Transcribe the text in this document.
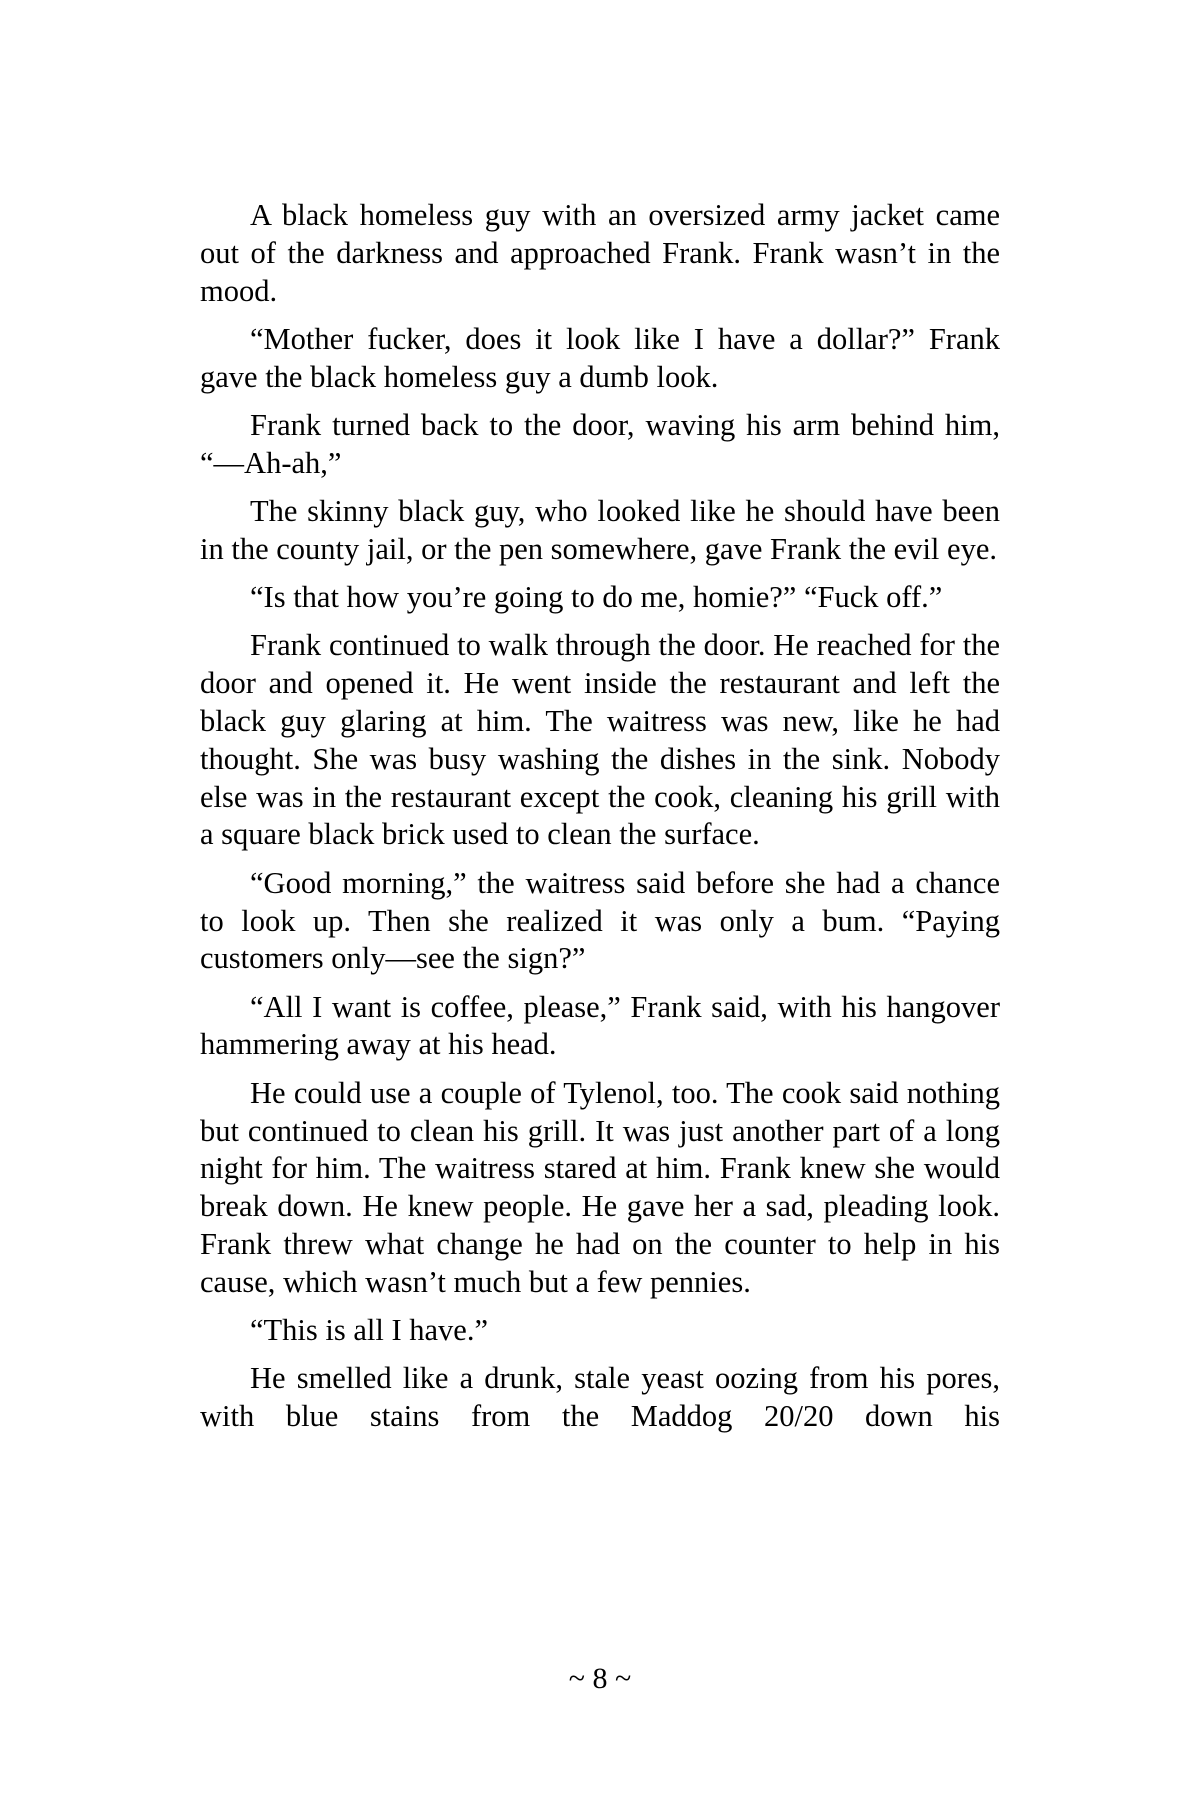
A black homeless guy with an oversized army jacket came out of the darkness and approached Frank. Frank wasn’t in the mood.

“Mother fucker, does it look like I have a dollar?” Frank gave the black homeless guy a dumb look.

Frank turned back to the door, waving his arm behind him, “—Ah-ah,”

The skinny black guy, who looked like he should have been in the county jail, or the pen somewhere, gave Frank the evil eye.

“Is that how you’re going to do me, homie?” “Fuck off.”

Frank continued to walk through the door. He reached for the door and opened it. He went inside the restaurant and left the black guy glaring at him. The waitress was new, like he had thought. She was busy washing the dishes in the sink. Nobody else was in the restaurant except the cook, cleaning his grill with a square black brick used to clean the surface.

“Good morning,” the waitress said before she had a chance to look up. Then she realized it was only a bum. “Paying customers only—see the sign?”

“All I want is coffee, please,” Frank said, with his hangover hammering away at his head.

He could use a couple of Tylenol, too. The cook said nothing but continued to clean his grill. It was just another part of a long night for him. The waitress stared at him. Frank knew she would break down. He knew people. He gave her a sad, pleading look. Frank threw what change he had on the counter to help in his cause, which wasn’t much but a few pennies.

“This is all I have.”

He smelled like a drunk, stale yeast oozing from his pores, with blue stains from the Maddog 20/20 down his

~ 8 ~
